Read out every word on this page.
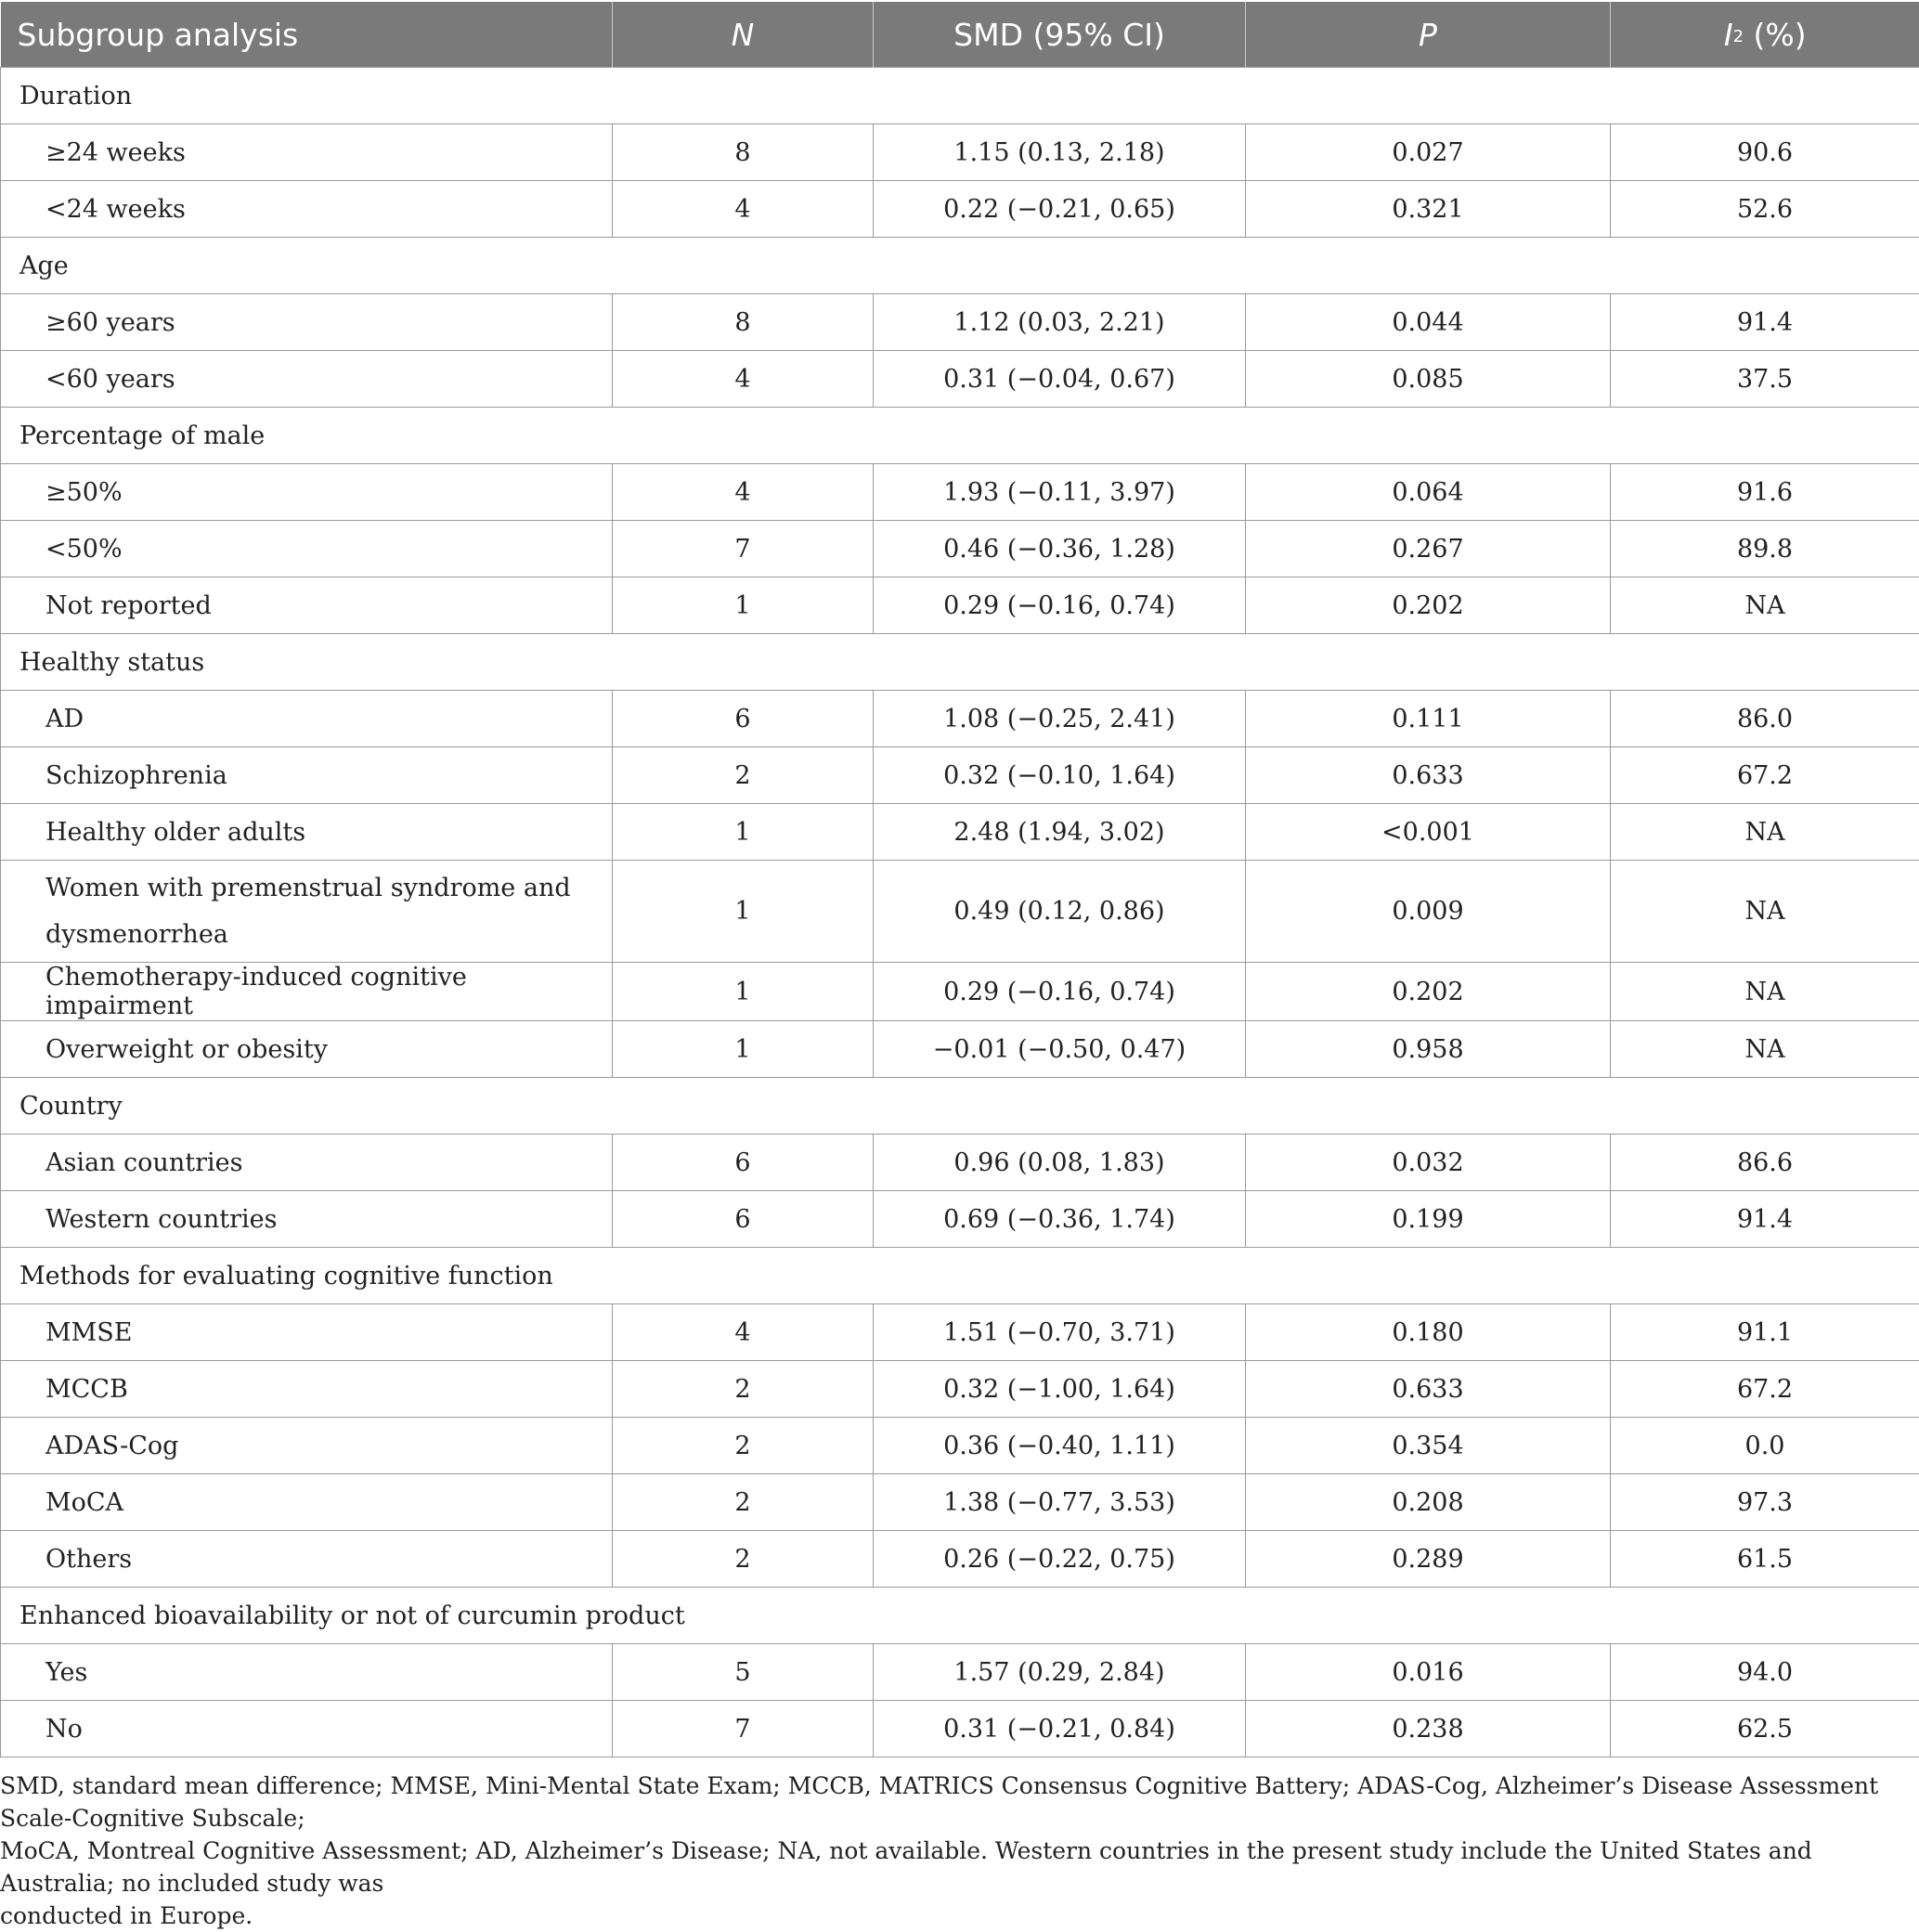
Subgroup analysis	N	SMD (95% CI)	P	$I^2$ (%)
Duration				
≥24 weeks	8	1.15 (0.13, 2.18)	0.027	90.6
<24 weeks	4	0.22 (−0.21, 0.65)	0.321	52.6
Age				
≥60 years	8	1.12 (0.03, 2.21)	0.044	91.4
<60 years	4	0.31 (−0.04, 0.67)	0.085	37.5
Percentage of male				
≥50%	4	1.93 (−0.11, 3.97)	0.064	91.6
<50%	7	0.46 (−0.36, 1.28)	0.267	89.8
Not reported	1	0.29 (−0.16, 0.74)	0.202	NA
Healthy status				
AD	6	1.08 (−0.25, 2.41)	0.111	86.0
Schizophrenia	2	0.32 (−0.10, 1.64)	0.633	67.2
Healthy older adults	1	2.48 (1.94, 3.02)	<0.001	NA
Women with premenstrual syndrome and
dysmenorrhea	1	0.49 (0.12, 0.86)	0.009	NA
Chemotherapy-induced cognitive impairment	1	0.29 (−0.16, 0.74)	0.202	NA
Overweight or obesity	1	−0.01 (−0.50, 0.47)	0.958	NA
Country				
Asian countries	6	0.96 (0.08, 1.83)	0.032	86.6
Western countries	6	0.69 (−0.36, 1.74)	0.199	91.4
Methods for evaluating cognitive function				
MMSE	4	1.51 (−0.70, 3.71)	0.180	91.1
MCCB	2	0.32 (−1.00, 1.64)	0.633	67.2
ADAS-Cog	2	0.36 (−0.40, 1.11)	0.354	0.0
MoCA	2	1.38 (−0.77, 3.53)	0.208	97.3
Others	2	0.26 (−0.22, 0.75)	0.289	61.5
Enhanced bioavailability or not of curcumin product				
Yes	5	1.57 (0.29, 2.84)	0.016	94.0
No	7	0.31 (−0.21, 0.84)	0.238	62.5

SMD, standard mean difference; MMSE, Mini-Mental State Exam; MCCB, MATRICS Consensus Cognitive Battery; ADAS-Cog, Alzheimer’s Disease Assessment Scale-Cognitive Subscale;
MoCA, Montreal Cognitive Assessment; AD, Alzheimer’s Disease; NA, not available. Western countries in the present study include the United States and Australia; no included study was
conducted in Europe.
